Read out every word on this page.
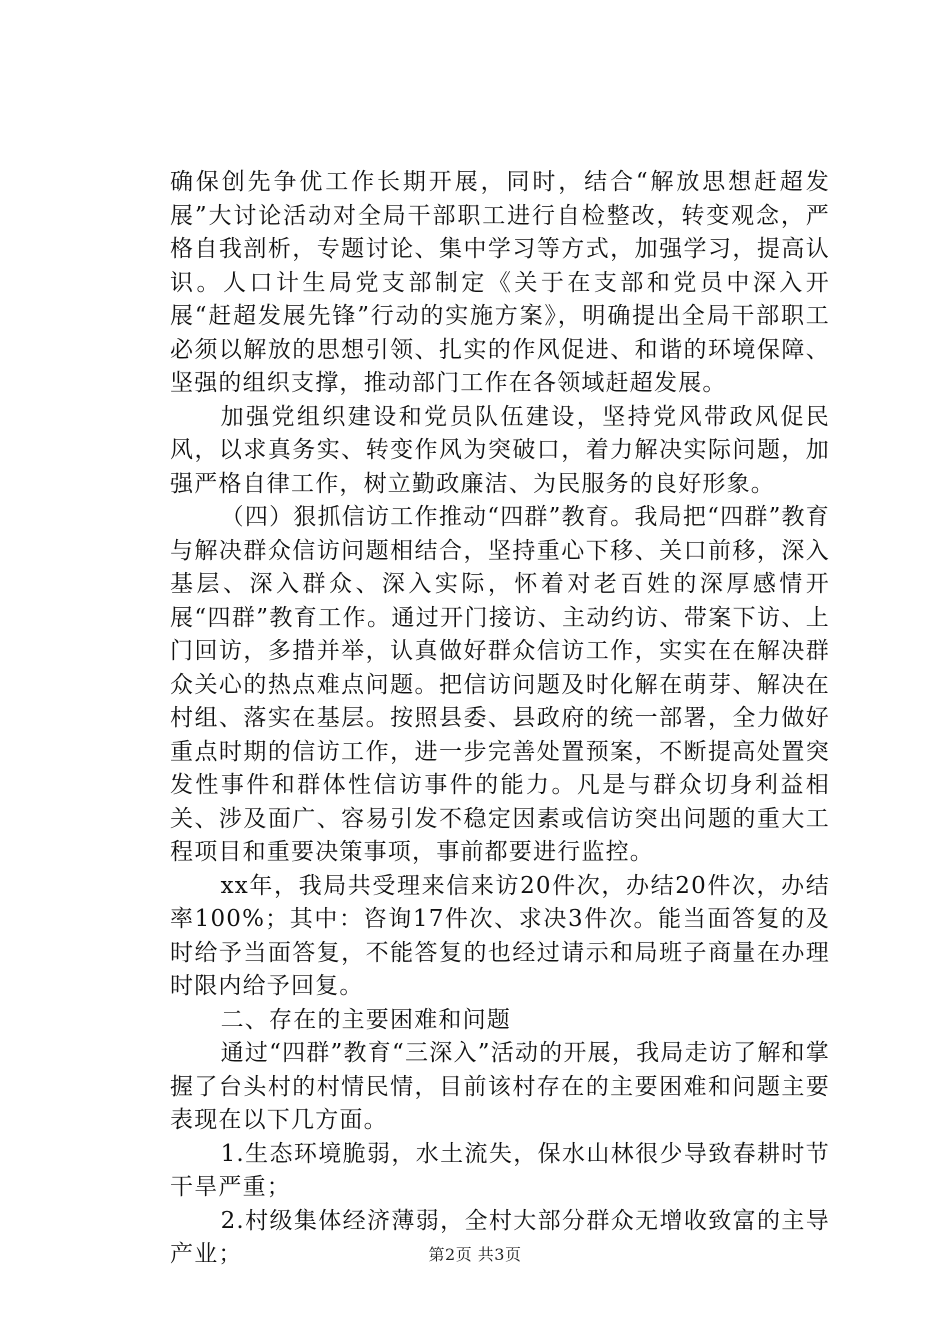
确保创先争优工作长期开展，同时，结合“解放思想赶超发展”大讨论活动对全局干部职工进行自检整改，转变观念，严格自我剖析，专题讨论、集中学习等方式，加强学习，提高认识。人口计生局党支部制定《关于在支部和党员中深入开展“赶超发展先锋”行动的实施方案》，明确提出全局干部职工必须以解放的思想引领、扎实的作风促进、和谐的环境保障、坚强的组织支撑，推动部门工作在各领域赶超发展。

加强党组织建设和党员队伍建设，坚持党风带政风促民风，以求真务实、转变作风为突破口，着力解决实际问题，加强严格自律工作，树立勤政廉洁、为民服务的良好形象。

（四）狠抓信访工作推动“四群”教育。我局把“四群”教育与解决群众信访问题相结合，坚持重心下移、关口前移，深入基层、深入群众、深入实际，怀着对老百姓的深厚感情开展“四群”教育工作。通过开门接访、主动约访、带案下访、上门回访，多措并举，认真做好群众信访工作，实实在在解决群众关心的热点难点问题。把信访问题及时化解在萌芽、解决在村组、落实在基层。按照县委、县政府的统一部署，全力做好重点时期的信访工作，进一步完善处置预案，不断提高处置突发性事件和群体性信访事件的能力。凡是与群众切身利益相关、涉及面广、容易引发不稳定因素或信访突出问题的重大工程项目和重要决策事项，事前都要进行监控。

xx年，我局共受理来信来访20件次，办结20件次，办结率100%；其中：咨询17件次、求决3件次。能当面答复的及时给予当面答复，不能答复的也经过请示和局班子商量在办理时限内给予回复。

二、存在的主要困难和问题

通过“四群”教育“三深入”活动的开展，我局走访了解和掌握了台头村的村情民情，目前该村存在的主要困难和问题主要表现在以下几方面。

1.生态环境脆弱，水土流失，保水山林很少导致春耕时节干旱严重；

2.村级集体经济薄弱，全村大部分群众无增收致富的主导产业；	第2页 共3页
